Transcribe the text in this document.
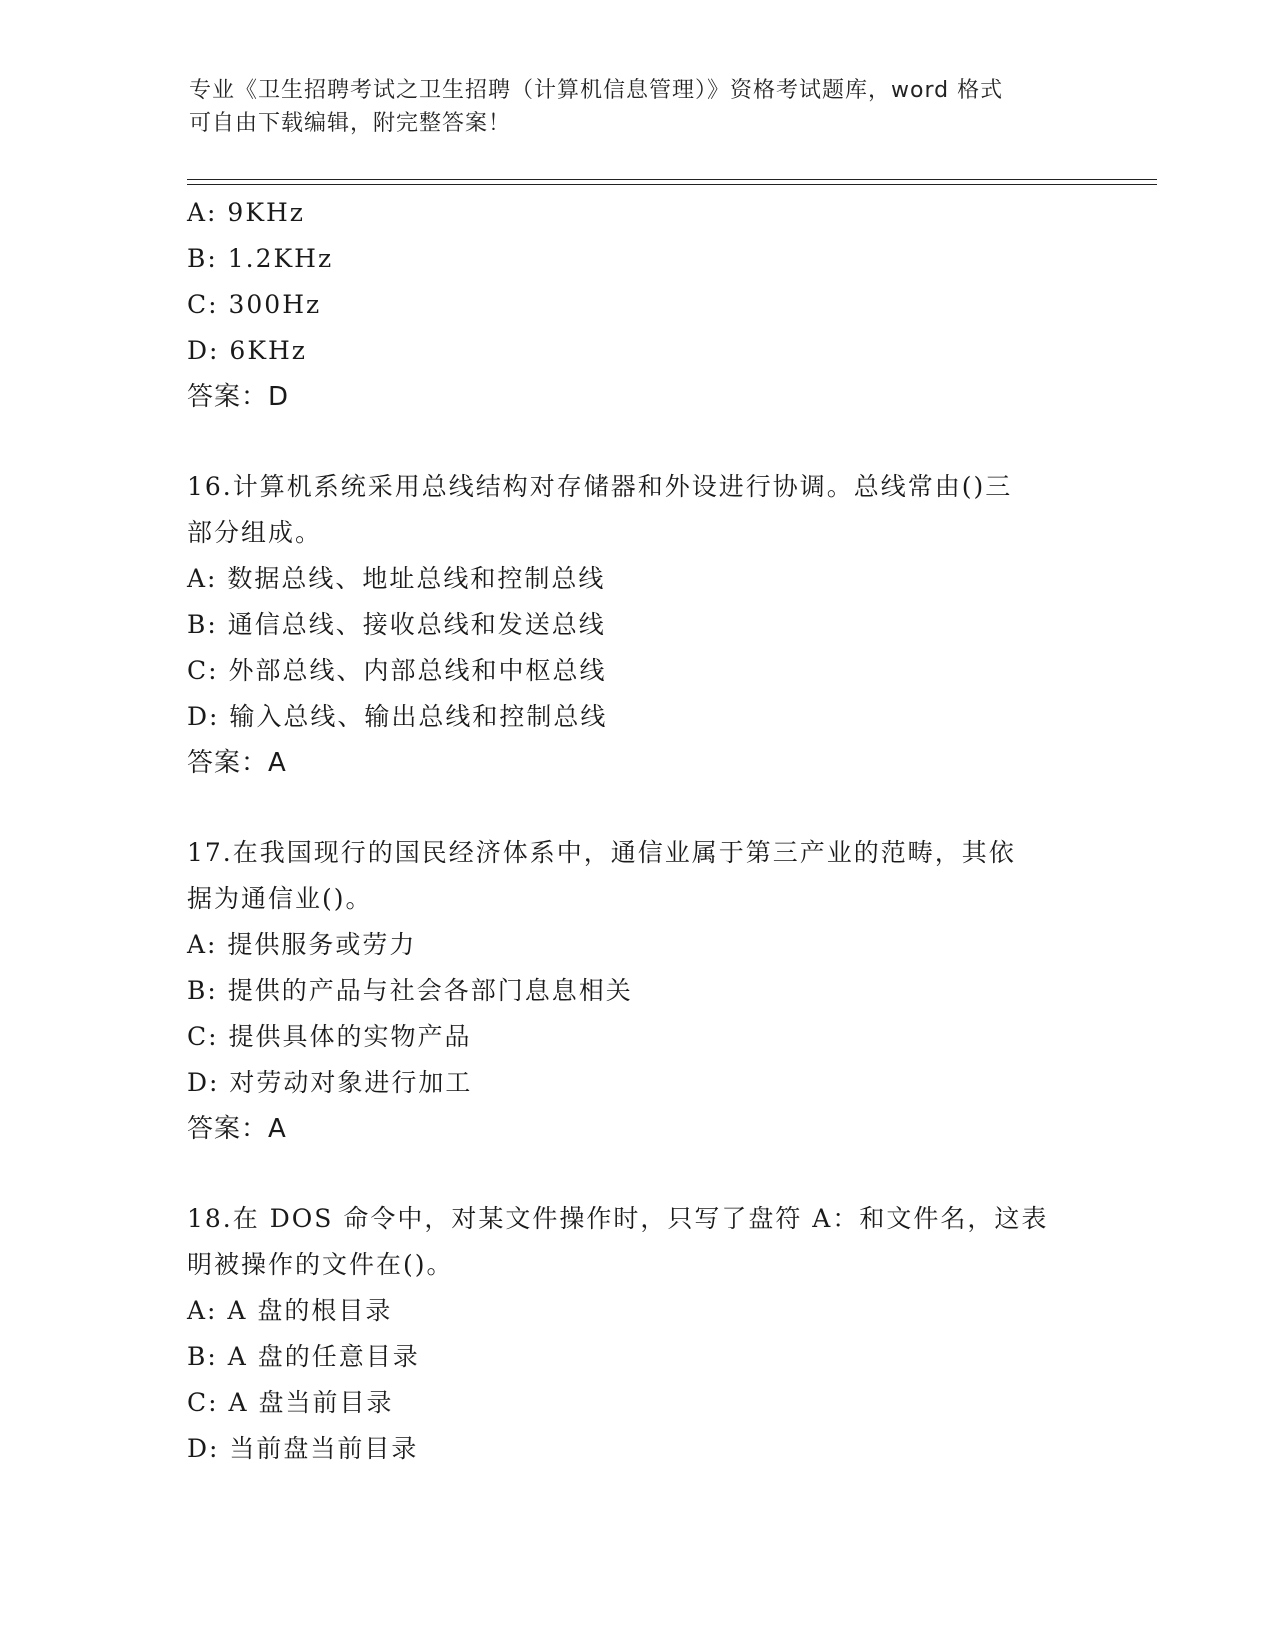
专业《卫生招聘考试之卫生招聘（计算机信息管理）》资格考试题库，word 格式
可自由下载编辑，附完整答案！
A: 9KHz
B: 1.2KHz
C: 300Hz
D: 6KHz
答案：D
16.计算机系统采用总线结构对存储器和外设进行协调。总线常由()三
部分组成。
A: 数据总线、地址总线和控制总线
B: 通信总线、接收总线和发送总线
C: 外部总线、内部总线和中枢总线
D: 输入总线、输出总线和控制总线
答案：A
17.在我国现行的国民经济体系中，通信业属于第三产业的范畴，其依
据为通信业()。
A: 提供服务或劳力
B: 提供的产品与社会各部门息息相关
C: 提供具体的实物产品
D: 对劳动对象进行加工
答案：A
18.在 DOS 命令中，对某文件操作时，只写了盘符 A：和文件名，这表
明被操作的文件在()。
A: A 盘的根目录
B: A 盘的任意目录
C: A 盘当前目录
D: 当前盘当前目录
